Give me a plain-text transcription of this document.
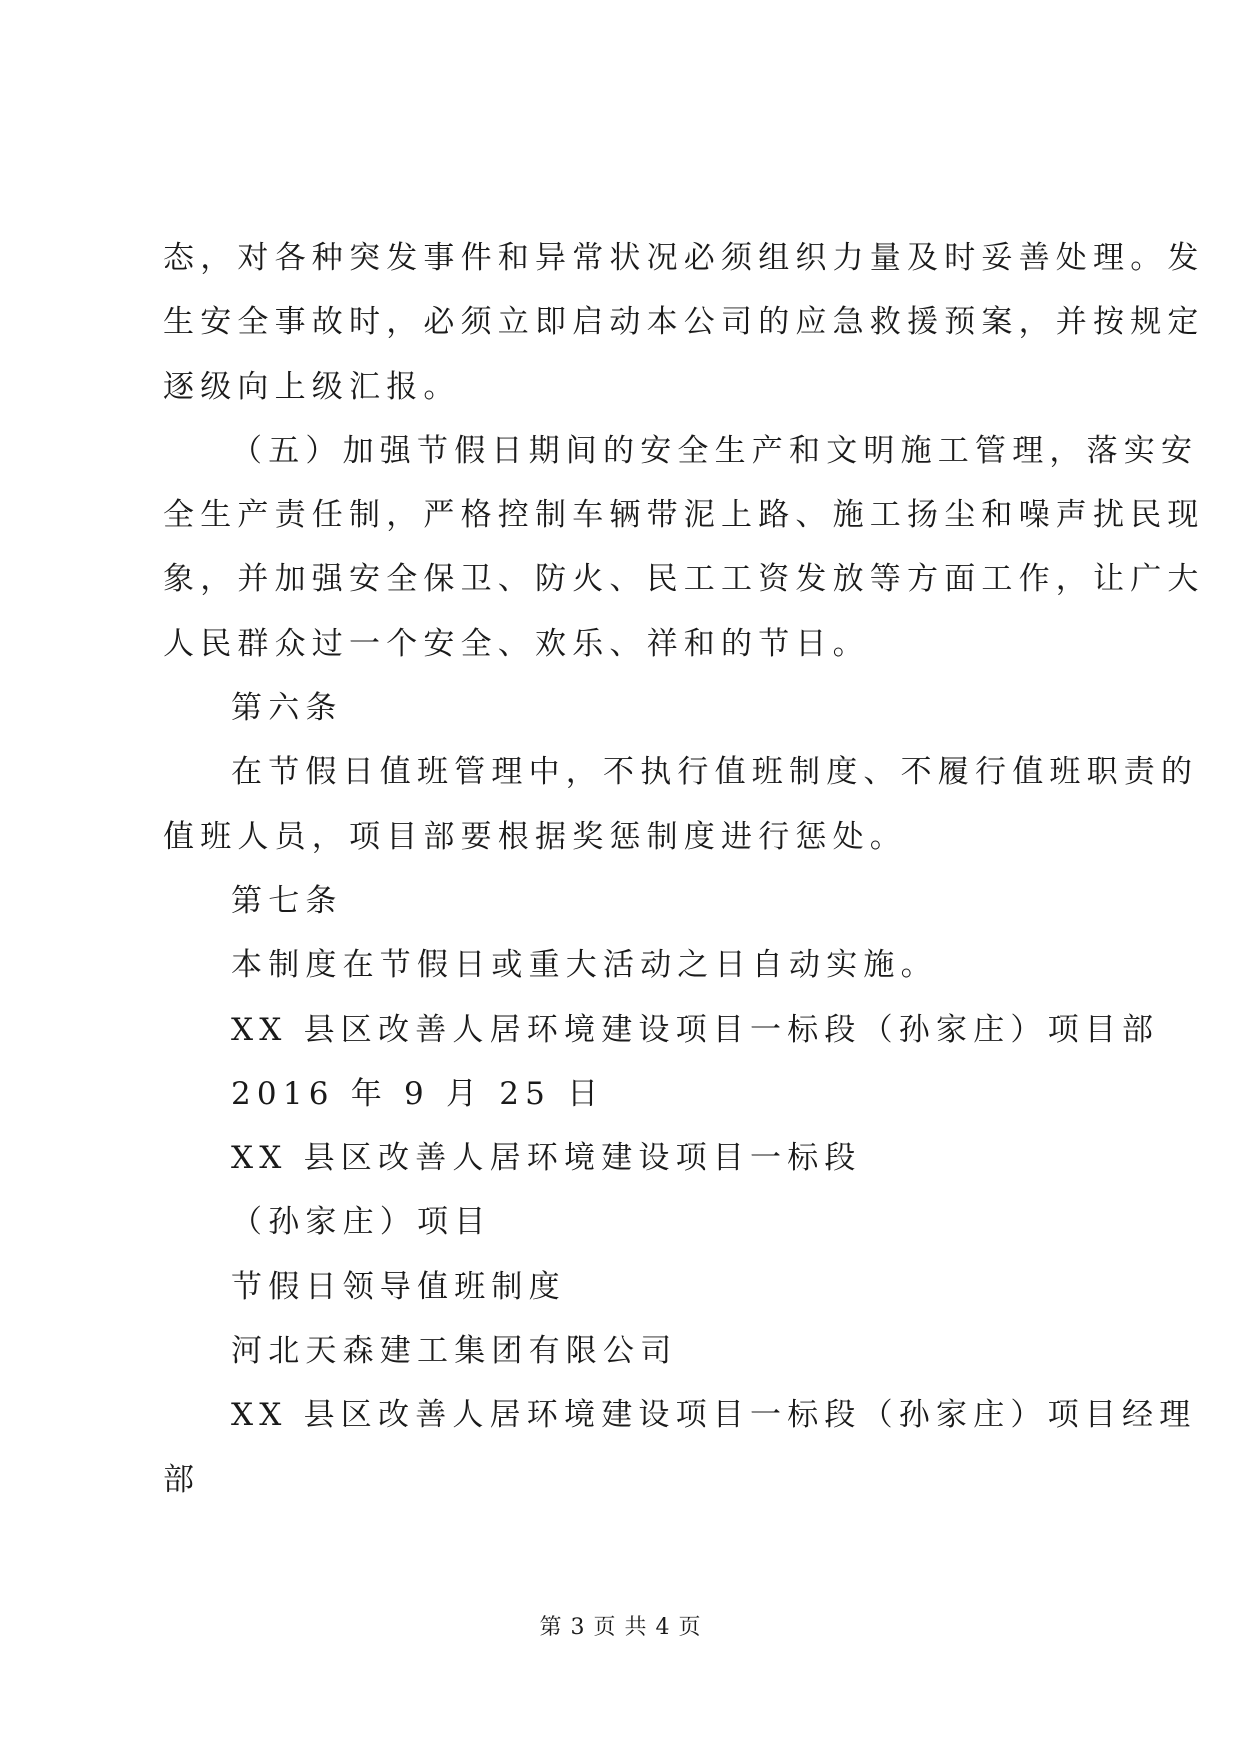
态，对各种突发事件和异常状况必须组织力量及时妥善处理。发
生安全事故时，必须立即启动本公司的应急救援预案，并按规定
逐级向上级汇报。
（五）加强节假日期间的安全生产和文明施工管理，落实安
全生产责任制，严格控制车辆带泥上路、施工扬尘和噪声扰民现
象，并加强安全保卫、防火、民工工资发放等方面工作，让广大
人民群众过一个安全、欢乐、祥和的节日。
第六条
在节假日值班管理中，不执行值班制度、不履行值班职责的
值班人员，项目部要根据奖惩制度进行惩处。
第七条
本制度在节假日或重大活动之日自动实施。
XX 县区改善人居环境建设项目一标段（孙家庄）项目部
2016 年 9 月 25 日
XX 县区改善人居环境建设项目一标段
（孙家庄）项目
节假日领导值班制度
河北天森建工集团有限公司
XX 县区改善人居环境建设项目一标段（孙家庄）项目经理
部
第 3 页 共 4 页
